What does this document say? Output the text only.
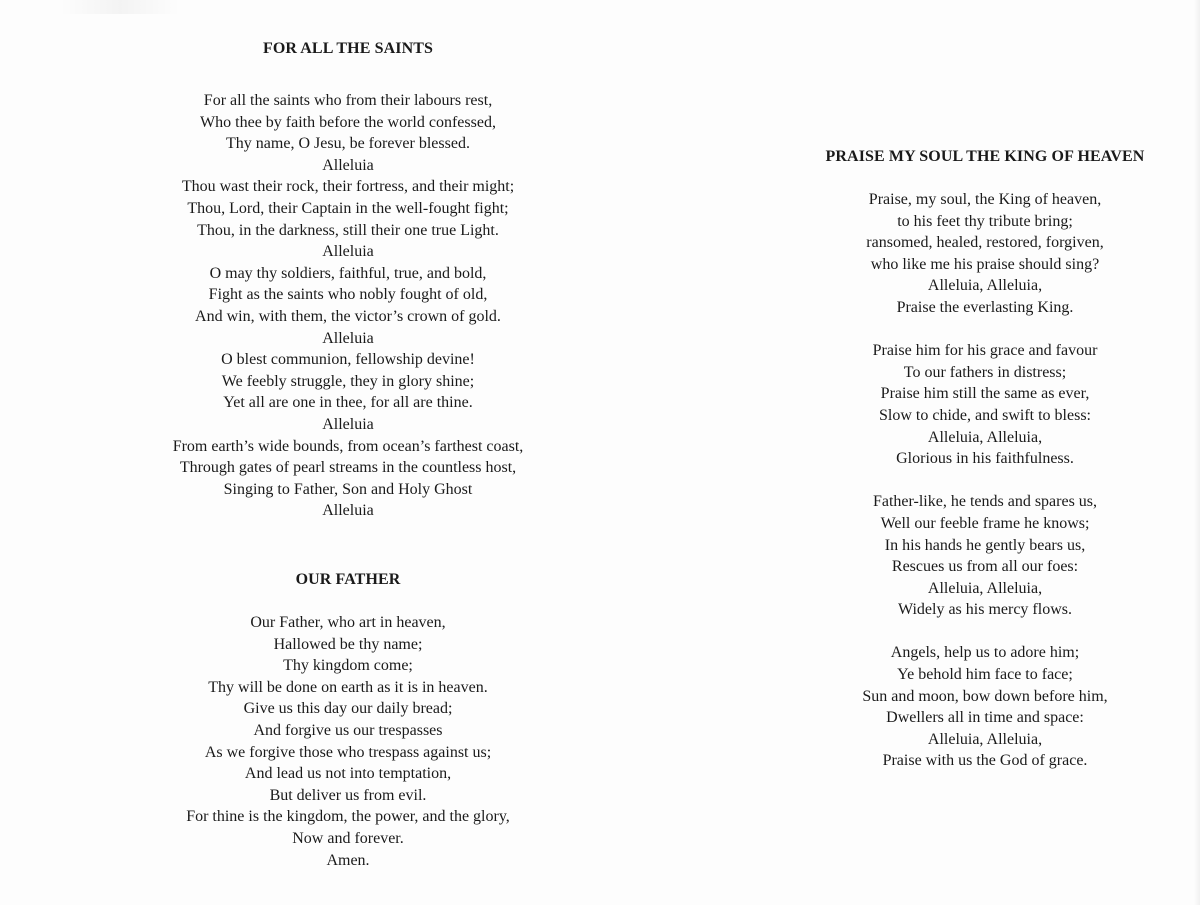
FOR ALL THE SAINTS
For all the saints who from their labours rest,
Who thee by faith before the world confessed,
Thy name, O Jesu, be forever blessed.
Alleluia
Thou wast their rock, their fortress, and their might;
Thou, Lord, their Captain in the well-fought fight;
Thou, in the darkness, still their one true Light.
Alleluia
O may thy soldiers, faithful, true, and bold,
Fight as the saints who nobly fought of old,
And win, with them, the victor’s crown of gold.
Alleluia
O blest communion, fellowship devine!
We feebly struggle, they in glory shine;
Yet all are one in thee, for all are thine.
Alleluia
From earth’s wide bounds, from ocean’s farthest coast,
Through gates of pearl streams in the countless host,
Singing to Father, Son and Holy Ghost
Alleluia
OUR FATHER
Our Father, who art in heaven,
Hallowed be thy name;
Thy kingdom come;
Thy will be done on earth as it is in heaven.
Give us this day our daily bread;
And forgive us our trespasses
As we forgive those who trespass against us;
And lead us not into temptation,
But deliver us from evil.
For thine is the kingdom, the power, and the glory,
Now and forever.
Amen.
PRAISE MY SOUL THE KING OF HEAVEN
Praise, my soul, the King of heaven,
to his feet thy tribute bring;
ransomed, healed, restored, forgiven,
who like me his praise should sing?
Alleluia, Alleluia,
Praise the everlasting King.
Praise him for his grace and favour
To our fathers in distress;
Praise him still the same as ever,
Slow to chide, and swift to bless:
Alleluia, Alleluia,
Glorious in his faithfulness.
Father-like, he tends and spares us,
Well our feeble frame he knows;
In his hands he gently bears us,
Rescues us from all our foes:
Alleluia, Alleluia,
Widely as his mercy flows.
Angels, help us to adore him;
Ye behold him face to face;
Sun and moon, bow down before him,
Dwellers all in time and space:
Alleluia, Alleluia,
Praise with us the God of grace.
